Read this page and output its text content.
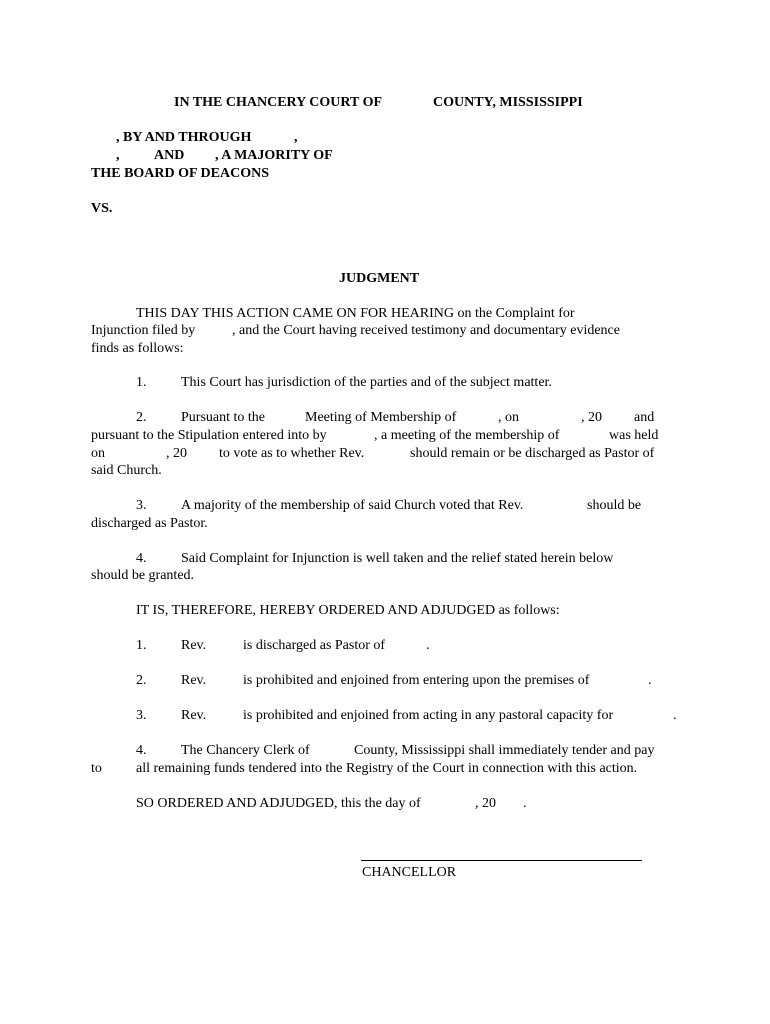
IN THE CHANCERY COURT OF	COUNTY, MISSISSIPPI
, BY AND THROUGH	,
, AND , A MAJORITY OF
THE BOARD OF DEACONS
VS.
JUDGMENT
THIS DAY THIS ACTION CAME ON FOR HEARING on the Complaint for
Injunction filed by	, and the Court having received testimony and documentary evidence
finds as follows:
1. This Court has jurisdiction of the parties and of the subject matter.
2. Pursuant to the	Meeting of Membership of	, on	, 20 and
pursuant to the Stipulation entered into by	, a meeting of the membership of	was held
on	, 20 to vote as to whether Rev.	should remain or be discharged as Pastor of
said Church.
3. A majority of the membership of said Church voted that Rev.	should be
discharged as Pastor.
4. Said Complaint for Injunction is well taken and the relief stated herein below
should be granted.
IT IS, THEREFORE, HEREBY ORDERED AND ADJUDGED as follows:
1. Rev.	is discharged as Pastor of	.
2. Rev.	is prohibited and enjoined from entering upon the premises of	.
3. Rev.	is prohibited and enjoined from acting in any pastoral capacity for	.
4. The Chancery Clerk of	County, Mississippi shall immediately tender and pay
to all remaining funds tendered into the Registry of the Court in connection with this action.
SO ORDERED AND ADJUDGED, this the day of	, 20 .
CHANCELLOR
